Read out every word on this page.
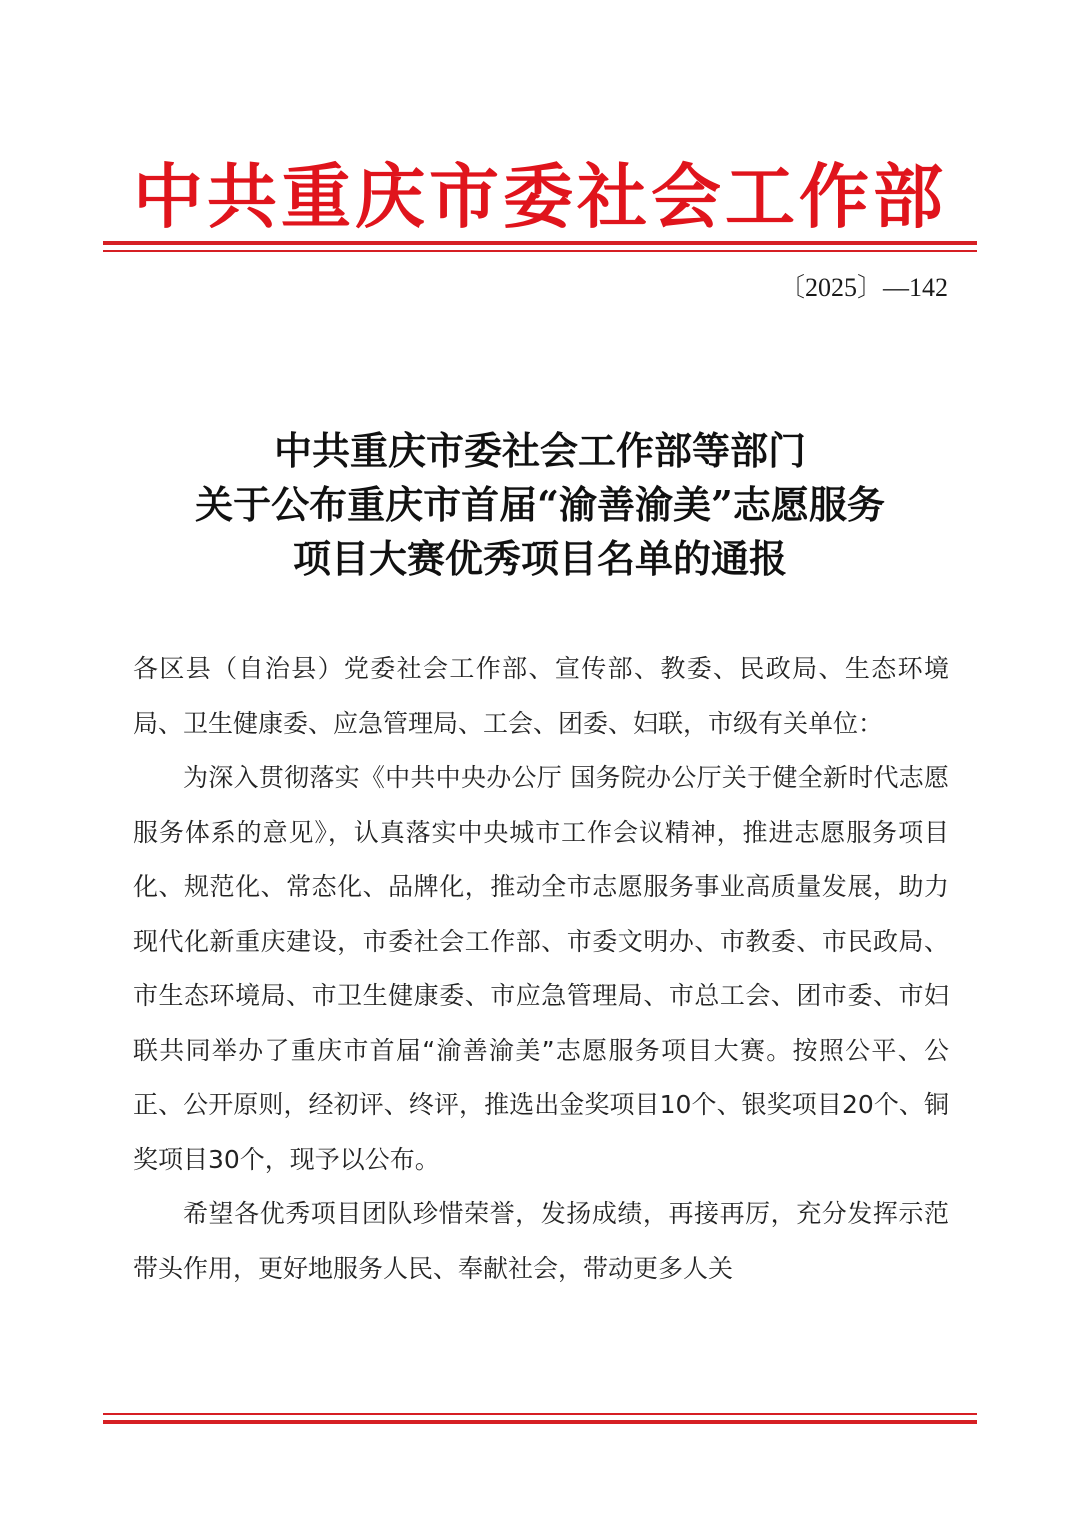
中共重庆市委社会工作部
〔2025〕—142
中共重庆市委社会工作部等部门
关于公布重庆市首届“渝善渝美”志愿服务
项目大赛优秀项目名单的通报

各区县（自治县）党委社会工作部、宣传部、教委、民政局、生态环境局、卫生健康委、应急管理局、工会、团委、妇联，市级有关单位：

为深入贯彻落实《中共中央办公厅 国务院办公厅关于健全新时代志愿服务体系的意见》，认真落实中央城市工作会议精神，推进志愿服务项目化、规范化、常态化、品牌化，推动全市志愿服务事业高质量发展，助力现代化新重庆建设，市委社会工作部、市委文明办、市教委、市民政局、市生态环境局、市卫生健康委、市应急管理局、市总工会、团市委、市妇联共同举办了重庆市首届“渝善渝美”志愿服务项目大赛。按照公平、公正、公开原则，经初评、终评，推选出金奖项目10个、银奖项目20个、铜奖项目30个，现予以公布。

希望各优秀项目团队珍惜荣誉，发扬成绩，再接再厉，充分发挥示范带头作用，更好地服务人民、奉献社会，带动更多人关
